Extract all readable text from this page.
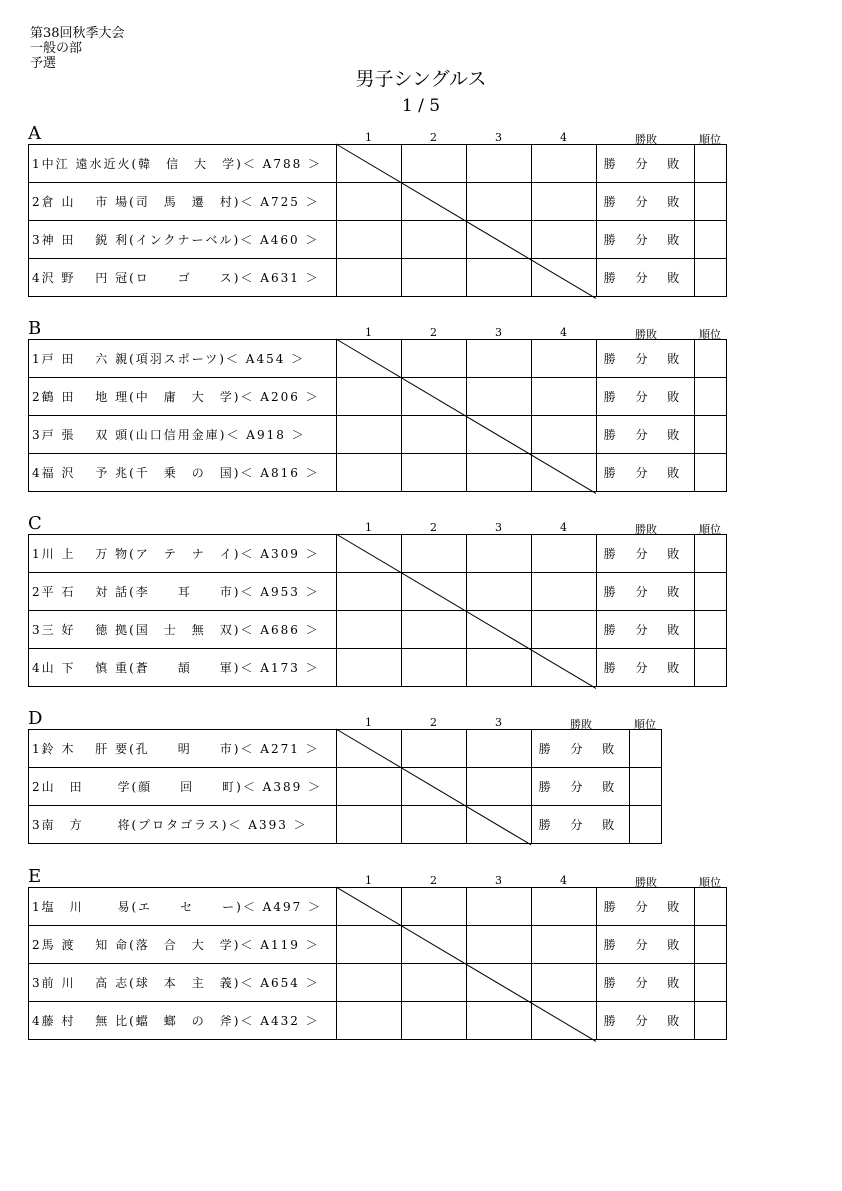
第38回秋季大会
一般の部
予選
男子シングルス
1 / 5
A	1	2	3	4	勝敗	順位
1中江 遠水近火(韓　信　大　学)＜ A788 ＞					勝 分 敗	
2倉 山　 市 場(司　馬　遷　村)＜ A725 ＞					勝 分 敗	
3神 田　 鋭 利(インクナーベル)＜ A460 ＞					勝 分 敗	
4沢 野　 円 冠(ロ　　ゴ　　ス)＜ A631 ＞					勝 分 敗	
B	1	2	3	4	勝敗	順位
1戸 田　 六 親(項羽スポーツ)＜ A454 ＞					勝 分 敗	
2鶴 田　 地 理(中　庸　大　学)＜ A206 ＞					勝 分 敗	
3戸 張　 双 頭(山口信用金庫)＜ A918 ＞					勝 分 敗	
4福 沢　 予 兆(千　乗　の　国)＜ A816 ＞					勝 分 敗	
C	1	2	3	4	勝敗	順位
1川 上　 万 物(ア　テ　ナ　イ)＜ A309 ＞					勝 分 敗	
2平 石　 対 話(李　　耳　　市)＜ A953 ＞					勝 分 敗	
3三 好　 徳 拠(国　士　無　双)＜ A686 ＞					勝 分 敗	
4山 下　 慎 重(蒼　　頡　　軍)＜ A173 ＞					勝 分 敗	
D	1	2	3	勝敗	順位
1鈴 木　 肝 要(孔　　明　　市)＜ A271 ＞				勝 分 敗	
2山　田　　 学(顔　　回　　町)＜ A389 ＞				勝 分 敗	
3南　方　　 将(プロタゴラス)＜ A393 ＞				勝 分 敗	
E	1	2	3	4	勝敗	順位
1塩　川　　 易(エ　　セ　　ー)＜ A497 ＞					勝 分 敗	
2馬 渡　 知 命(落　合　大　学)＜ A119 ＞					勝 分 敗	
3前 川　 高 志(球　本　主　義)＜ A654 ＞					勝 分 敗	
4藤 村　 無 比(蟷　螂　の　斧)＜ A432 ＞					勝 分 敗	
